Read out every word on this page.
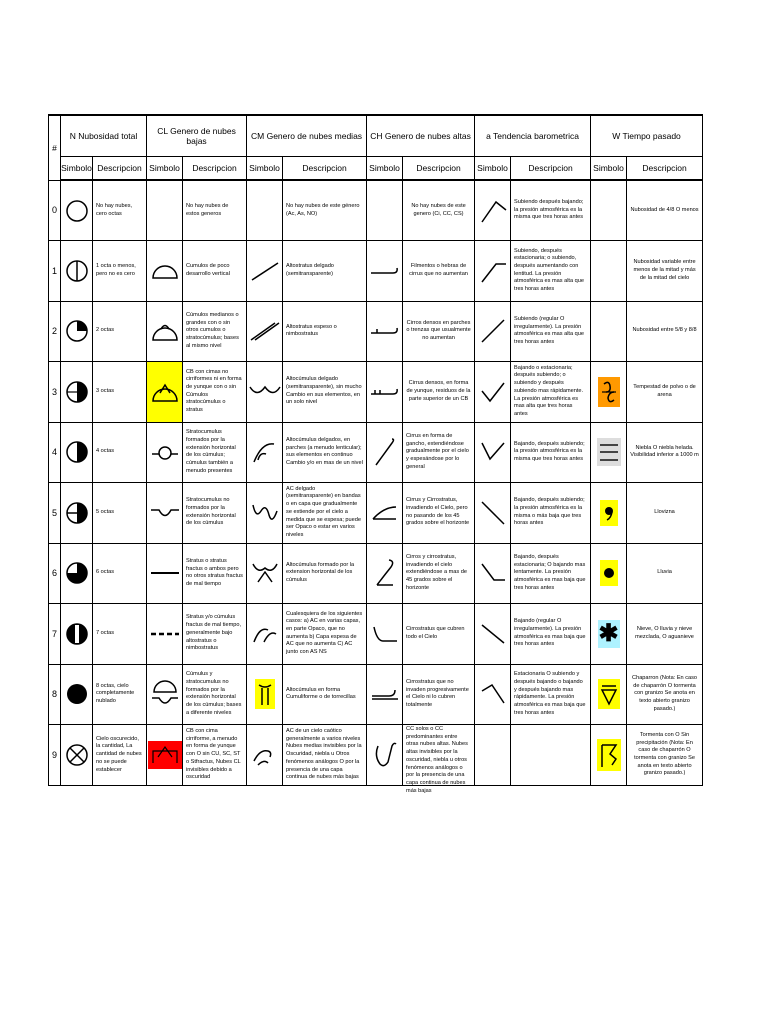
#	N Nubosidad total		CL Genero de nubes bajas		CM Genero de nubes medias		CH Genero de nubes altas		a Tendencia barometrica		W Tiempo pasado	
	Simbolo	Descripcion	Simbolo	Descripcion	Simbolo	Descripcion	Simbolo	Descripcion	Simbolo	Descripcion	Simbolo	Descripcion
0		No hay nubes, cero octas		No hay nubes de estos generos		No hay nubes de este género (Ac, As, NO)		No hay nubes de este genero (Ci, CC, CS)		Subiendo después bajando; la presión atmosférica es la misma que tres horas antes		Nubosidad de 4/8 O menos

1		1 octa o menos, pero no es cero		Cumulos de poco desarrollo vertical		Altostratus delgado (semitransparente)		Filmentos o hebras de cirrus que no aumentan		Subiendo, después estacionaria; o subiendo, después aumentando con lentitud. La presión atmosférica es mas alta que tres horas antes		Nubosidad variable entre menos de la mitad y más de la mitad del cielo

2		2 octas		Cúmulos medianos o grandes con o sin otros cumulos o stratocúmulus; bases al mismo nivel		Altostratus espeso o nimbostratus		Cirros densos en parches o trenzas que usualmente no aumentan		Subiendo (regular O irregularmente). La presión atmosférica es mas alta que tres horas antes		Nubosidad entre 5/8 y 8/8

3		3 octas		CB con cimas no cirriformes ni en forma de yunque con o sin Cúmulos stratocúmulus o stratus		Altocúmulus delgado (semitransparente), sin mucho Cambio en sus elementos, en un solo nivel		Cirrus densos, en forma de yunque, residuos de la parte superior de un CB		Bajando o estacionaria; después subiendo; o subiendo y después subiendo mas rápidamente. La presión atmosférica es mas alta que tres horas antes		Tempestad de polvo o de arena

4		4 octas		Stratocumulus formados por la extensión horizontal de los cúmulus; cúmulus también a menudo presentes		Altocúmulus delgados, en parches (a menudo lenticular); sus elementos en continuo Cambio y/o en mas de un nivel		Cirrus en forma de gancho, extendiéndose gradualmente por el cielo y espesándose por lo general		Bajando, después subiendo; la presión atmosférica es la misma que tres horas antes		Niebla O niebla helada. Visibilidad inferior a 1000 m

5		5 octas		Stratocumulus no formados por la extensión horizontal de los cúmulus		AC delgado (semitransparente) en bandas o en capa que gradualmente se extiende por el cielo a medida que se espesa; puede ser Opaco o estar en varios niveles		Cirrus y Cirrostratus, invadiendo el Cielo, pero no pasando de los 45 grados sobre el horizonte		Bajando, después subiendo; la presión atmosférica es la misma o más baja que tres horas antes		Llovizna

6		6 octas		Stratus o stratus fractus o ambos pero no otros stratus fractus de mal tiempo		Altocúmulus formado por la extension horizontal de los cúmulus		Cirros y cirrostratus, invadiendo el cielo extendiéndose a mas de 45 grados sobre el horizonte		Bajando, después estacionaria; O bajando mas lentamente. La presión atmosférica es mas baja que tres horas antes		Lluvia

7		7 octas		Stratus y/o cúmulus fractus de mal tiempo, generalmente bajo altostratus o nimbostratus		Cualesquiera de los siguientes casos: a) AC en varias capas, en parte Opaco, que no aumenta b) Capa espesa de AC que no aumenta C) AC junto con AS NS		Cirrostratus que cubren todo el Cielo		Bajando (regular O irregularmente). La presión atmosférica es mas baja que tres horas antes	✱	Nieve, O lluvia y nieve mezclada, O aguanieve

8		8 octas, cielo completamente nublado		Cúmulus y stratocumulus no formados por la extensión horizontal de los cúmulus; bases a diferente niveles		Altocúmulus en forma Cumuliforme o de torrecillas		Cirrostratus que no invaden progresivamente el Cielo ni lo cubren totalmente		Estacionaria O subiendo y después bajando o bajando y después bajando mas rápidamente. La presión atmosférica es mas baja que tres horas antes		Chaparron (Nota: En caso de chaparrón O tormenta con granizo Se anota en texto abierto granizo pasado.)

9		Cielo oscurecido, la cantidad, La cantidad de nubes no se puede establecer		CB con cima cirriforme, a menudo en forma de yunque con O sin CU, SC, ST o Stfractus, Nubes CL invisibles debido a oscuridad		AC de un cielo caótico generalmente a varios niveles Nubes medias invisibles por la Oscuridad, niebla u Otros fenómenos análogos O por la presencia de una capa continua de nubes más bajas		CC solos o CC predominantes entre otras nubes altas. Nubes altas invisibles por la oscuridad, niebla u otros fenómenos análogos o por la presencia de una capa continua de nubes más bajas				Tormenta con O Sin precipitación (Nota: En caso de chaparrón O tormenta con granizo Se anota en texto abierto granizo pasado.)
